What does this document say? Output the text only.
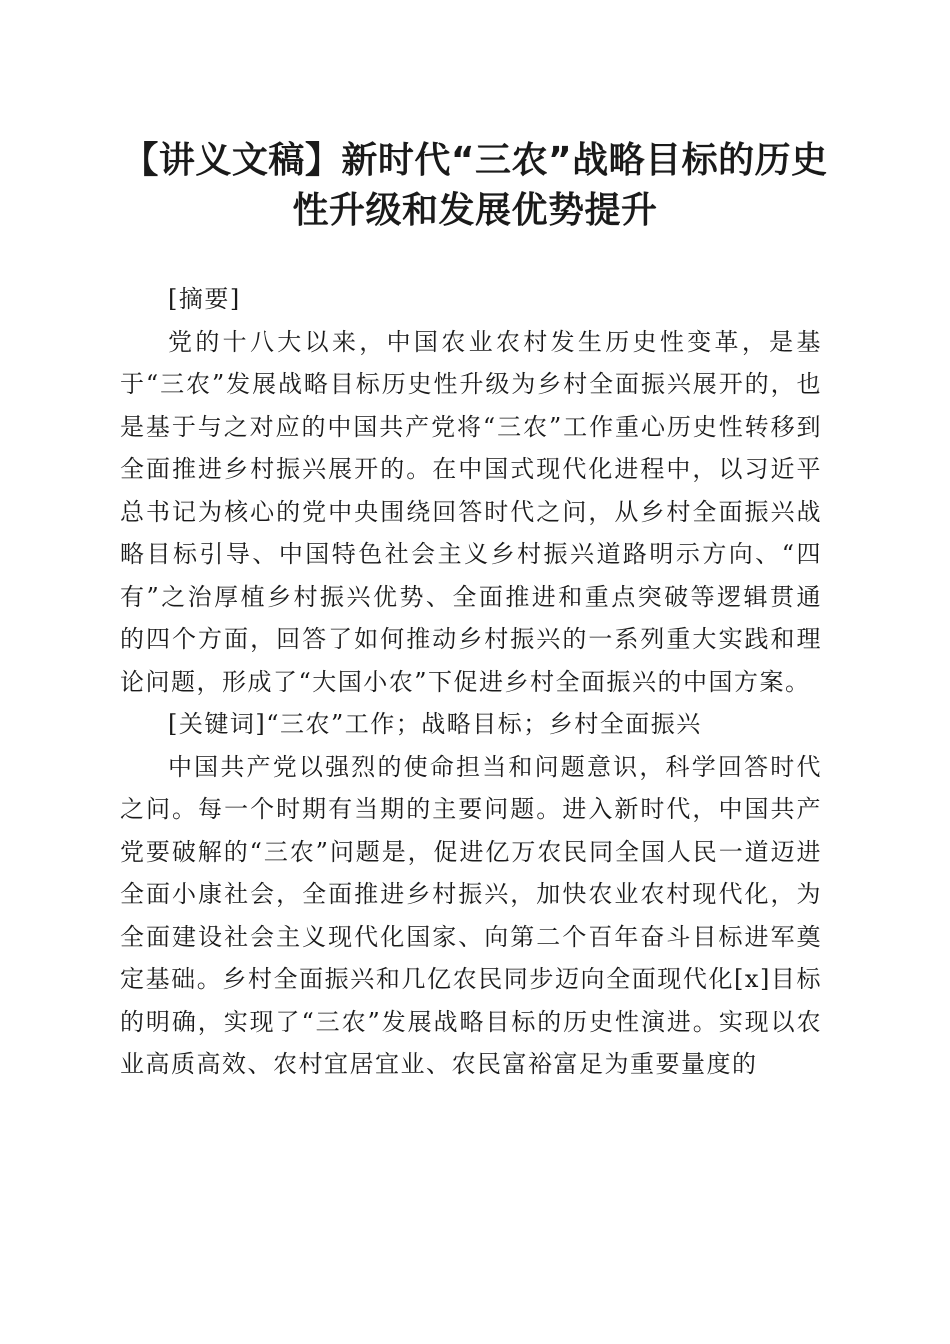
【讲义文稿】新时代“三农”战略目标的历史性升级和发展优势提升

[摘要]

党的十八大以来，中国农业农村发生历史性变革，是基于“三农”发展战略目标历史性升级为乡村全面振兴展开的，也是基于与之对应的中国共产党将“三农”工作重心历史性转移到全面推进乡村振兴展开的。在中国式现代化进程中，以习近平总书记为核心的党中央围绕回答时代之问，从乡村全面振兴战略目标引导、中国特色社会主义乡村振兴道路明示方向、“四有”之治厚植乡村振兴优势、全面推进和重点突破等逻辑贯通的四个方面，回答了如何推动乡村振兴的一系列重大实践和理论问题，形成了“大国小农”下促进乡村全面振兴的中国方案。

[关键词]“三农”工作；战略目标；乡村全面振兴

中国共产党以强烈的使命担当和问题意识，科学回答时代之问。每一个时期有当期的主要问题。进入新时代，中国共产党要破解的“三农”问题是，促进亿万农民同全国人民一道迈进全面小康社会，全面推进乡村振兴，加快农业农村现代化，为全面建设社会主义现代化国家、向第二个百年奋斗目标进军奠定基础。乡村全面振兴和几亿农民同步迈向全面现代化[x]目标的明确，实现了“三农”发展战略目标的历史性演进。实现以农业高质高效、农村宜居宜业、农民富裕富足为重要量度的
